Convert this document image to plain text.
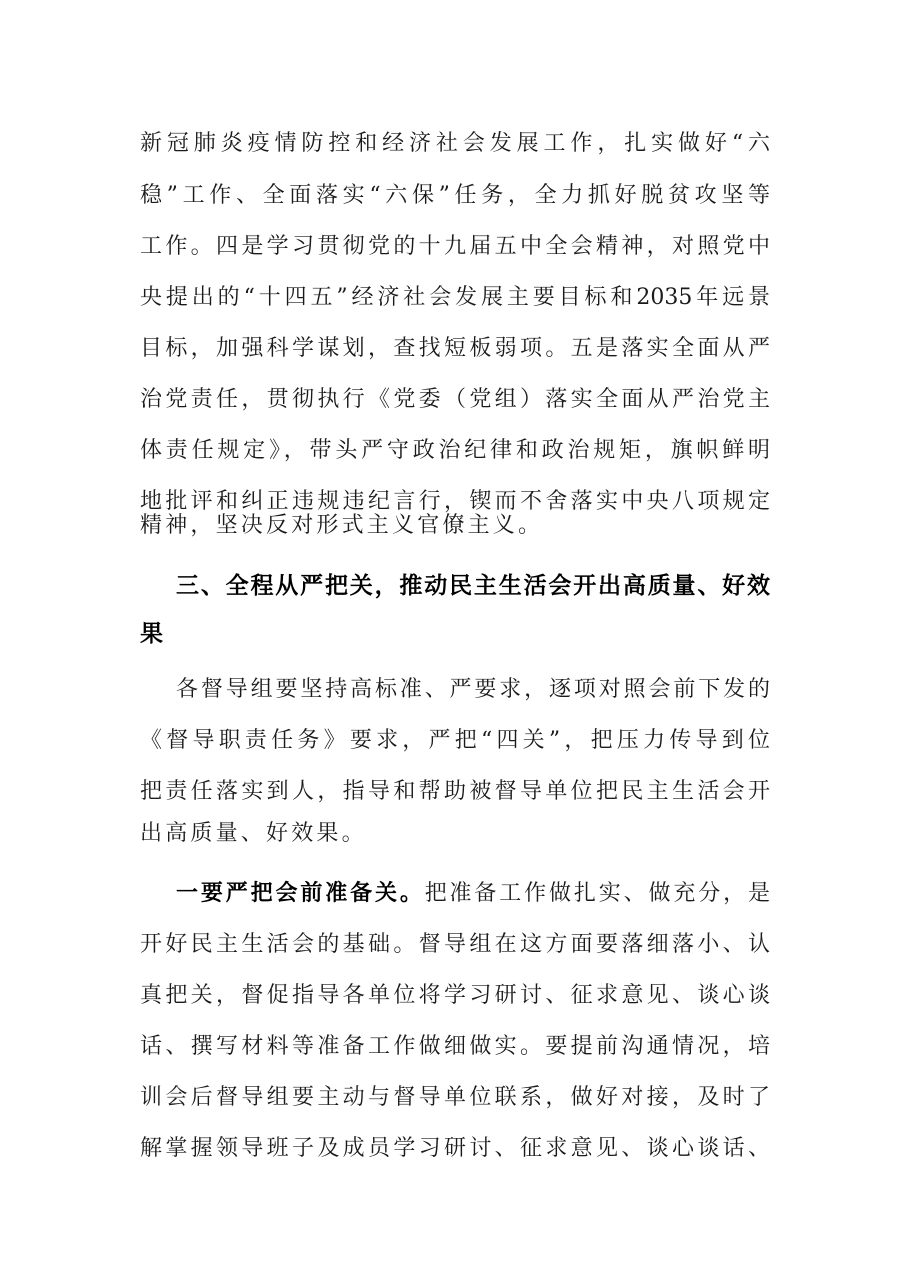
新冠肺炎疫情防控和经济社会发展工作，扎实做好“六
稳”工作、全面落实“六保”任务，全力抓好脱贫攻坚等
工作。四是学习贯彻党的十九届五中全会精神，对照党中
央提出的“十四五”经济社会发展主要目标和2035年远景
目标，加强科学谋划，查找短板弱项。五是落实全面从严
治党责任，贯彻执行《党委（党组）落实全面从严治党主
体责任规定》，带头严守政治纪律和政治规矩，旗帜鲜明
地批评和纠正违规违纪言行，锲而不舍落实中央八项规定
精神，坚决反对形式主义官僚主义。
三、全程从严把关，推动民主生活会开出高质量、好效
果
各督导组要坚持高标准、严要求，逐项对照会前下发的
《督导职责任务》要求，严把“四关”，把压力传导到位
把责任落实到人，指导和帮助被督导单位把民主生活会开
出高质量、好效果。
一要严把会前准备关。把准备工作做扎实、做充分，是
开好民主生活会的基础。督导组在这方面要落细落小、认
真把关，督促指导各单位将学习研讨、征求意见、谈心谈
话、撰写材料等准备工作做细做实。要提前沟通情况，培
训会后督导组要主动与督导单位联系，做好对接，及时了
解掌握领导班子及成员学习研讨、征求意见、谈心谈话、
